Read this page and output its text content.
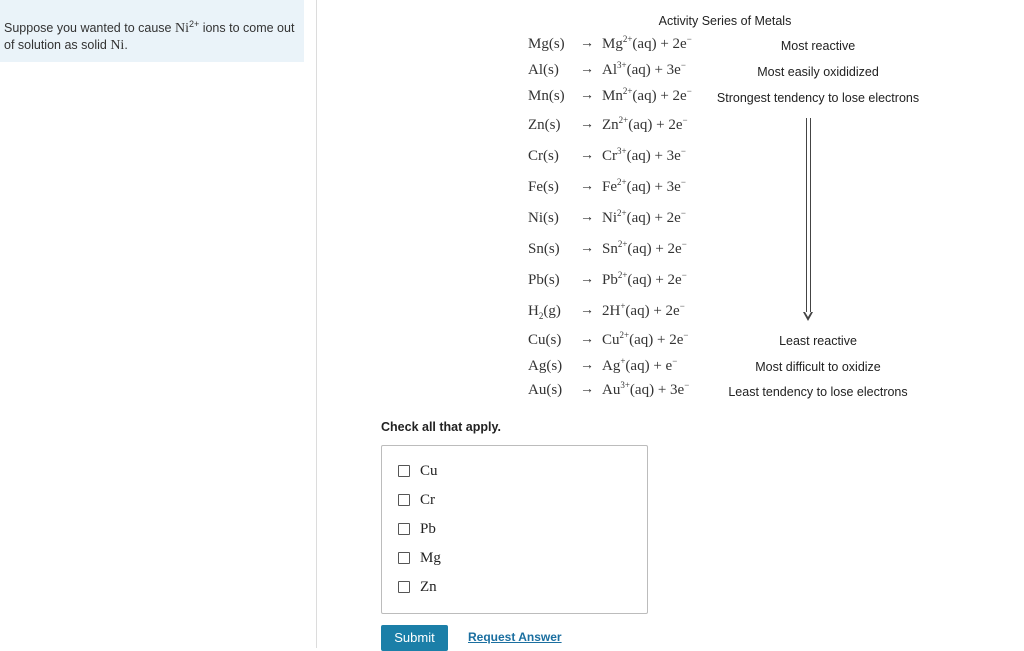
Suppose you wanted to cause $Ni^{2+}$ ions to come out of solution as solid Ni.
Activity Series of Metals
$Mg(s) \to Mg^{2+}(aq) + 2e^-$
$Al(s) \to Al^{3+}(aq) + 3e^-$
$Mn(s) \to Mn^{2+}(aq) + 2e^-$
$Zn(s) \to Zn^{2+}(aq) + 2e^-$
$Cr(s) \to Cr^{3+}(aq) + 3e^-$
$Fe(s) \to Fe^{2+}(aq) + 3e^-$
$Ni(s) \to Ni^{2+}(aq) + 2e^-$
$Sn(s) \to Sn^{2+}(aq) + 2e^-$
$Pb(s) \to Pb^{2+}(aq) + 2e^-$
$H_2(g) \to 2H^+(aq) + 2e^-$
$Cu(s) \to Cu^{2+}(aq) + 2e^-$
Ag(s) → Ag+(aq) + e−
$Au(s) \to Au^{3+}(aq) + 3e^-$
Most reactive
Most easily oxididized
Strongest tendency to lose electrons
Least reactive
Most difficult to oxidize
Least tendency to lose electrons
Check all that apply.
Cu
Cr
Pb
Mg
Zn
Submit	Request Answer
